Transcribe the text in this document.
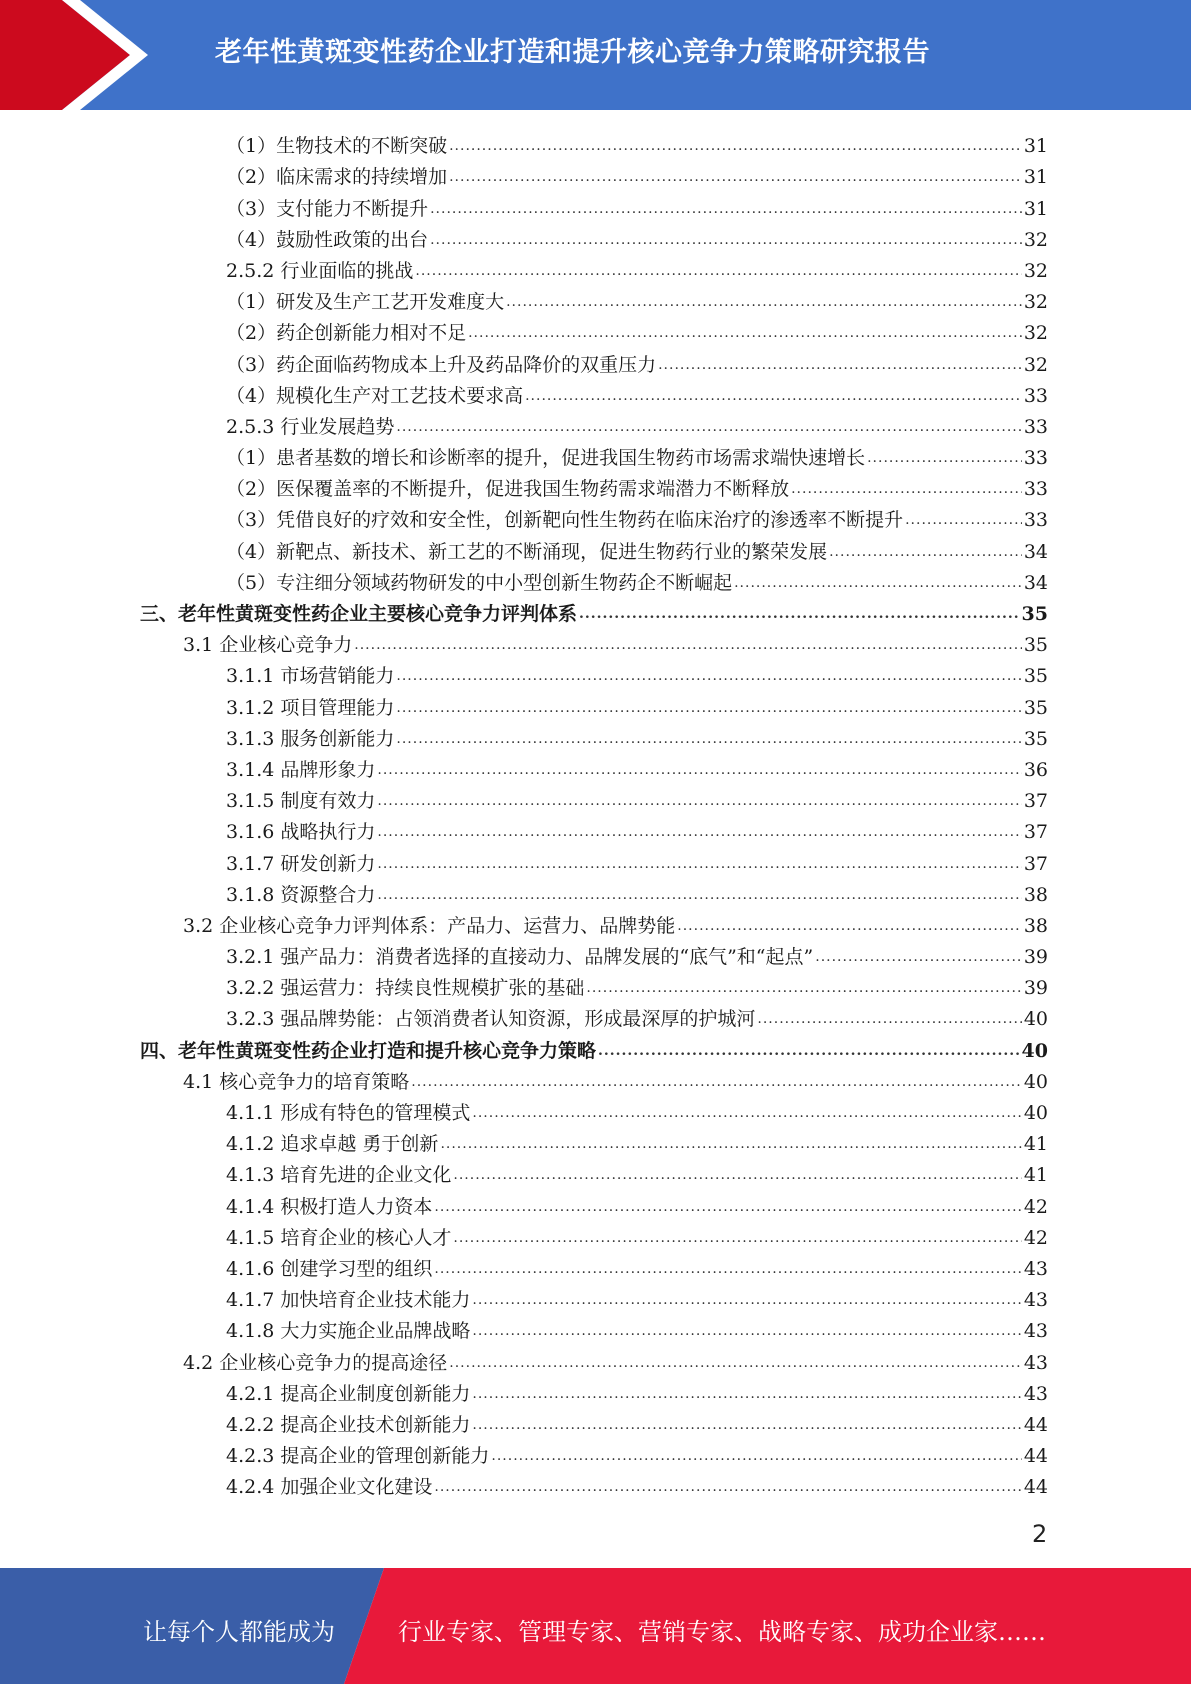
老年性黄斑变性药企业打造和提升核心竞争力策略研究报告
（1）生物技术的不断突破 .....	31
（2）临床需求的持续增加 .....	31
（3）支付能力不断提升 .....	31
（4）鼓励性政策的出台 .....	32
2.5.2 行业面临的挑战 .....	32
（1）研发及生产工艺开发难度大 .....	32
（2）药企创新能力相对不足 .....	32
（3）药企面临药物成本上升及药品降价的双重压力 .....	32
（4）规模化生产对工艺技术要求高 .....	33
2.5.3 行业发展趋势 .....	33
（1）患者基数的增长和诊断率的提升，促进我国生物药市场需求端快速增长 .....	33
（2）医保覆盖率的不断提升，促进我国生物药需求端潜力不断释放 .....	33
（3）凭借良好的疗效和安全性，创新靶向性生物药在临床治疗的渗透率不断提升 .....	33
（4）新靶点、新技术、新工艺的不断涌现，促进生物药行业的繁荣发展 .....	34
（5）专注细分领域药物研发的中小型创新生物药企不断崛起 .....	34
三、老年性黄斑变性药企业主要核心竞争力评判体系 .....	35
3.1 企业核心竞争力 .....	35
3.1.1 市场营销能力 .....	35
3.1.2 项目管理能力 .....	35
3.1.3 服务创新能力 .....	35
3.1.4 品牌形象力 .....	36
3.1.5 制度有效力 .....	37
3.1.6 战略执行力 .....	37
3.1.7 研发创新力 .....	37
3.1.8 资源整合力 .....	38
3.2 企业核心竞争力评判体系：产品力、运营力、品牌势能 .....	38
3.2.1 强产品力：消费者选择的直接动力、品牌发展的“底气”和“起点” .....	39
3.2.2 强运营力：持续良性规模扩张的基础 .....	39
3.2.3 强品牌势能：占领消费者认知资源，形成最深厚的护城河 .....	40
四、老年性黄斑变性药企业打造和提升核心竞争力策略 .....	40
4.1 核心竞争力的培育策略 .....	40
4.1.1 形成有特色的管理模式 .....	40
4.1.2 追求卓越 勇于创新 .....	41
4.1.3 培育先进的企业文化 .....	41
4.1.4 积极打造人力资本 .....	42
4.1.5 培育企业的核心人才 .....	42
4.1.6 创建学习型的组织 .....	43
4.1.7 加快培育企业技术能力 .....	43
4.1.8 大力实施企业品牌战略 .....	43
4.2 企业核心竞争力的提高途径 .....	43
4.2.1 提高企业制度创新能力 .....	43
4.2.2 提高企业技术创新能力 .....	44
4.2.3 提高企业的管理创新能力 .....	44
4.2.4 加强企业文化建设 .....	44
2
让每个人都能成为	行业专家、管理专家、营销专家、战略专家、成功企业家……
